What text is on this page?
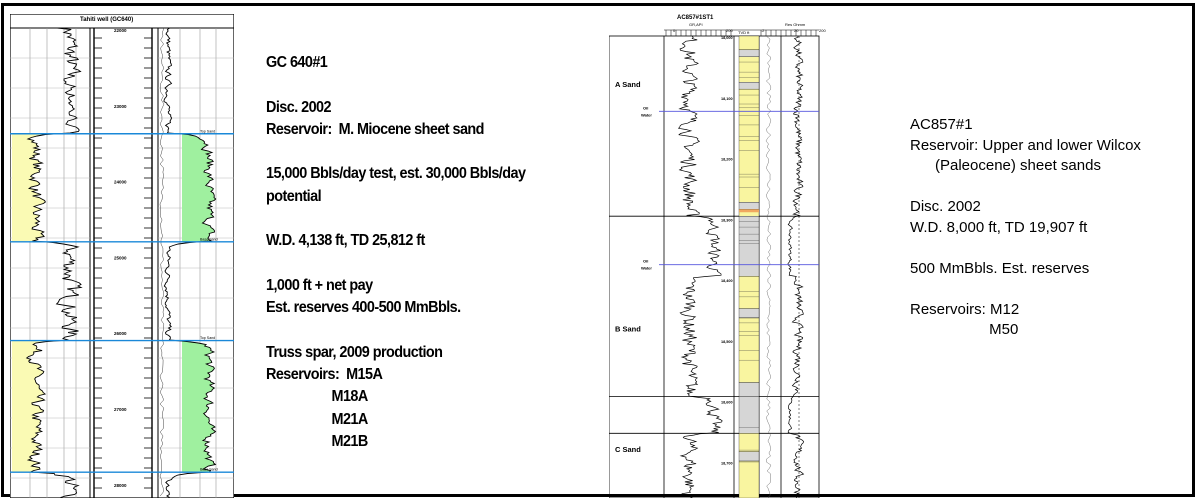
22000
23000
24000
25000
26000
27000
28000
Top Sand
Base Sand
Top Sand
Base Sand
Tahiti well (GC640)
GC 640#1

Disc. 2002
Reservoir:  M. Miocene sheet sand

15,000 Bbls/day test, est. 30,000 Bbls/day
potential

W.D. 4,138 ft, TD 25,812 ft

1,000 ft + net pay
Est. reserves 400-500 MmBbls.

Truss spar, 2009 production
Reservoirs:  M15A
M18A
M21A
M21B
18,000
18,100
18,200
18,300
18,400
18,500
18,600
18,700
A Sand
B Sand
C Sand
Oil
Water
Oil
Water
AC857#1ST1
GR,API
TVD ft
Res Ohmm
0	200	.2	20	200
AC857#1
Reservoir: Upper and lower Wilcox
(Paleocene) sheet sands

Disc. 2002
W.D. 8,000 ft, TD 19,907 ft

500 MmBbls. Est. reserves

Reservoirs: M12
M50
